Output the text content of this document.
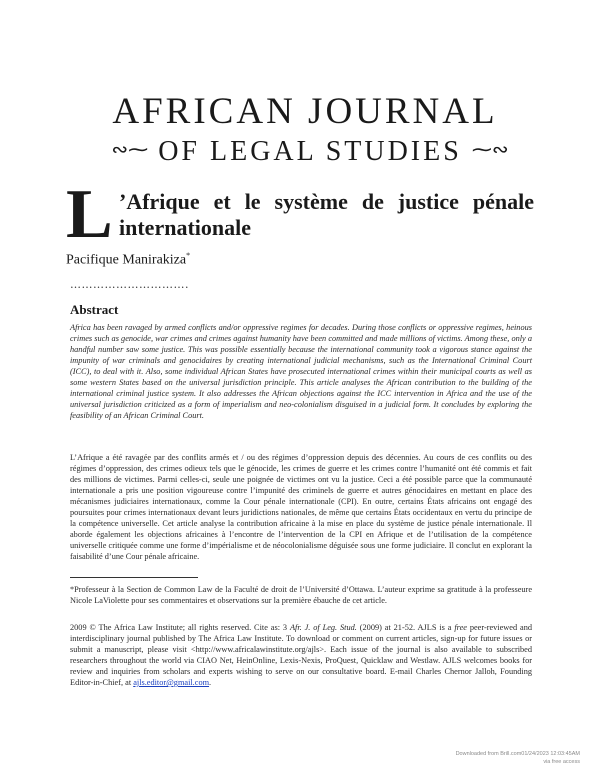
AFRICAN JOURNAL
∾⁓ OF LEGAL STUDIES ⁓∾
L ’Afrique et le système de justice pénale internationale
Pacifique Manirakiza*
………………………….
Abstract
Africa has been ravaged by armed conflicts and/or oppressive regimes for decades. During those conflicts or oppressive regimes, heinous crimes such as genocide, war crimes and crimes against humanity have been committed and made millions of victims. Among these, only a handful number saw some justice. This was possible essentially because the international community took a vigorous stance against the impunity of war criminals and genocidaires by creating international judicial mechanisms, such as the International Criminal Court (ICC), to deal with it. Also, some individual African States have prosecuted international crimes within their municipal courts as well as some western States based on the universal jurisdiction principle. This article analyses the African contribution to the building of the international criminal justice system. It also addresses the African objections against the ICC intervention in Africa and the use of the universal jurisdiction criticized as a form of imperialism and neo-colonialism disguised in a judicial form. It concludes by exploring the feasibility of an African Criminal Court.
L’Afrique a été ravagée par des conflits armés et / ou des régimes d’oppression depuis des décennies. Au cours de ces conflits ou des régimes d’oppression, des crimes odieux tels que le génocide, les crimes de guerre et les crimes contre l’humanité ont été commis et fait des millions de victimes. Parmi celles-ci, seule une poignée de victimes ont vu la justice. Ceci a été possible parce que la communauté internationale a pris une position vigoureuse contre l’impunité des criminels de guerre et autres génocidaires en mettant en place des mécanismes judiciaires internationaux, comme la Cour pénale internationale (CPI). En outre, certains États africains ont engagé des poursuites pour crimes internationaux devant leurs juridictions nationales, de même que certains États occidentaux en vertu du principe de la compétence universelle. Cet article analyse la contribution africaine à la mise en place du système de justice pénale internationale. Il aborde également les objections africaines à l’encontre de l’intervention de la CPI en Afrique et de l’utilisation de la compétence universelle critiquée comme une forme d’impérialisme et de néocolonialisme déguisée sous une forme judiciaire. Il conclut en explorant la faisabilité d’une Cour pénale africaine.
*Professeur à la Section de Common Law de la Faculté de droit de l’Université d’Ottawa. L’auteur exprime sa gratitude à la professeure Nicole LaViolette pour ses commentaires et observations sur la première ébauche de cet article.
2009 © The Africa Law Institute; all rights reserved. Cite as: 3 Afr. J. of Leg. Stud. (2009) at 21-52. AJLS is a free peer-reviewed and interdisciplinary journal published by The Africa Law Institute. To download or comment on current articles, sign-up for future issues or submit a manuscript, please visit <http://www.africalawinstitute.org/ajls>. Each issue of the journal is also available to subscribed researchers throughout the world via CIAO Net, HeinOnline, Lexis-Nexis, ProQuest, Quicklaw and Westlaw. AJLS welcomes books for review and inquiries from scholars and experts wishing to serve on our consultative board. E-mail Charles Chernor Jalloh, Founding Editor-in-Chief, at ajls.editor@gmail.com.
Downloaded from Brill.com01/24/2023 12:03:45AM
via free access
